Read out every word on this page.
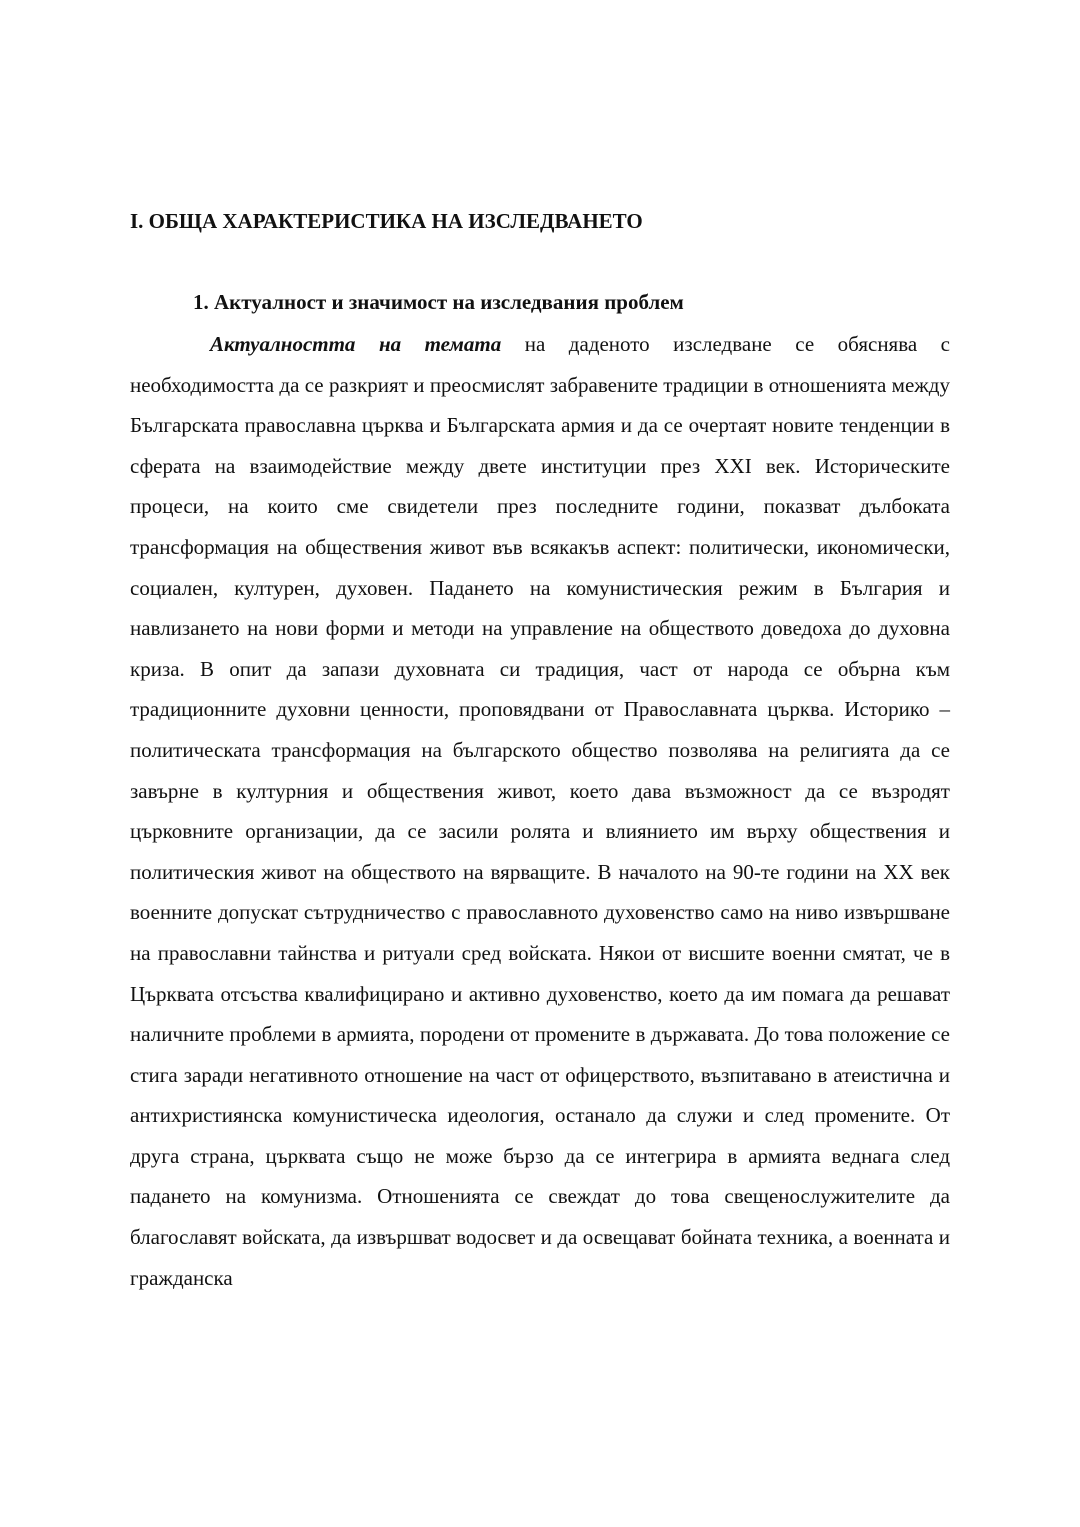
I. ОБЩА ХАРАКТЕРИСТИКА НА ИЗСЛЕДВАНЕТО
1. Актуалност и значимост на изследвания проблем

Актуалността на темата на даденото изследване се обяснява с необходимостта да се разкрият и преосмислят забравените традиции в отношенията между Българската православна църква и Българската армия и да се очертаят новите тенденции в сферата на взаимодействие между двете институции през XXI век. Историческите процеси, на които сме свидетели през последните години, показват дълбоката трансформация на обществения живот във всякакъв аспект: политически, икономически, социален, културен, духовен. Падането на комунистическия режим в България и навлизането на нови форми и методи на управление на обществото доведоха до духовна криза. В опит да запази духовната си традиция, част от народа се обърна към традиционните духовни ценности, проповядвани от Православната църква. Историко – политическата трансформация на българското общество позволява на религията да се завърне в културния и обществения живот, което дава възможност да се възродят църковните организации, да се засили ролята и влиянието им върху обществения и политическия живот на обществото на вярващите. В началото на 90-те години на XX век военните допускат сътрудничество с православното духовенство само на ниво извършване на православни тайнства и ритуали сред войската. Някои от висшите военни смятат, че в Църквата отсъства квалифицирано и активно духовенство, което да им помага да решават наличните проблеми в армията, породени от промените в държавата. До това положение се стига заради негативното отношение на част от офицерството, възпитавано в атеистична и антихристиянска комунистическа идеология, останало да служи и след промените. От друга страна, църквата също не може бързо да се интегрира в армията веднага след падането на комунизма. Отношенията се свеждат до това свещенослужителите да благославят войската, да извършват водосвет и да освещават бойната техника, а военната и гражданска
